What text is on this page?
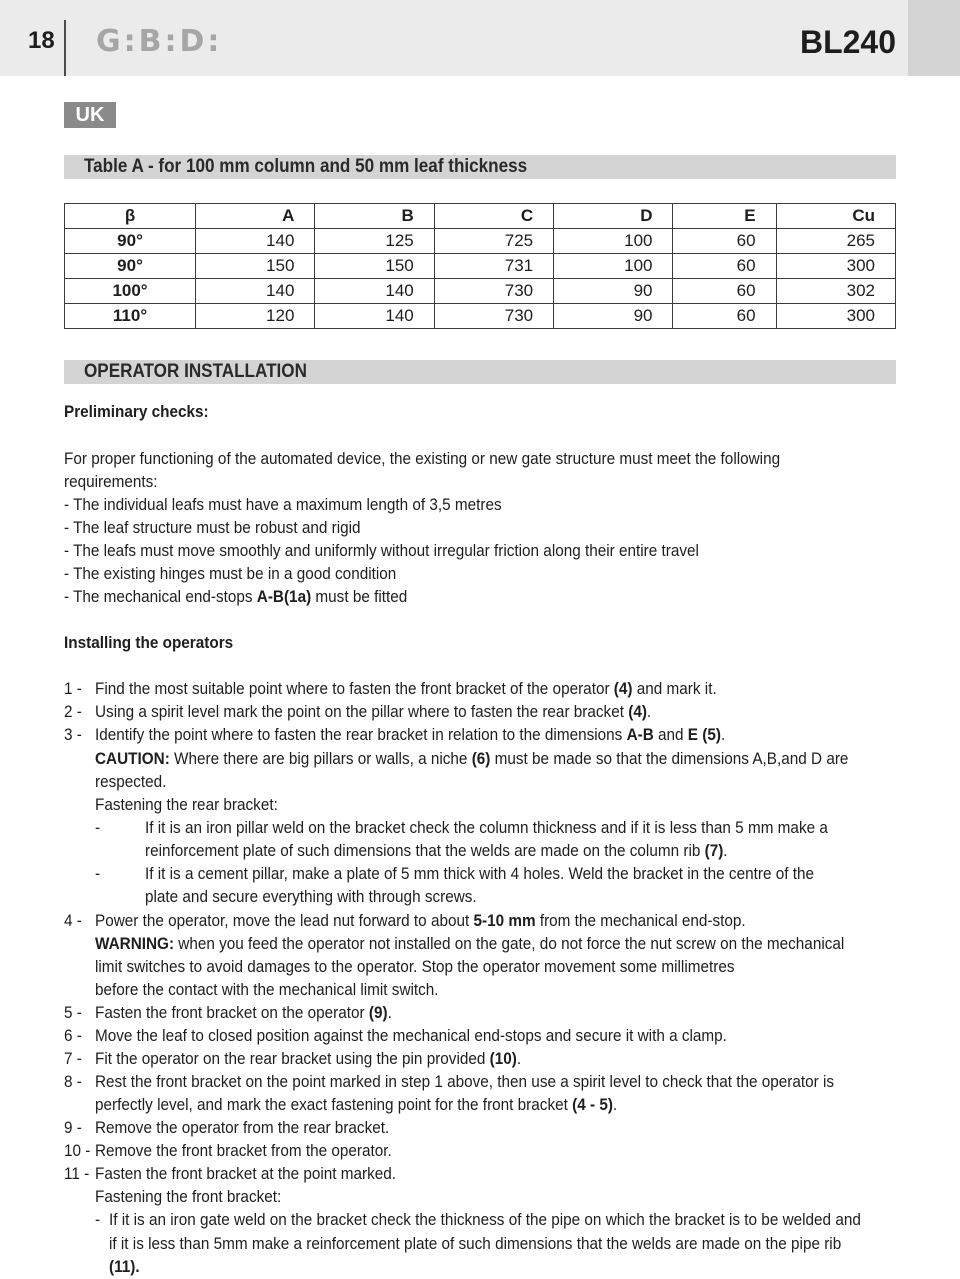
18 G:B:D:	BL240
UK
Table A - for 100 mm column and 50 mm leaf thickness
β	A	B	C	D	E	Cu
90°	140	125	725	100	60	265
90°	150	150	731	100	60	300
100°	140	140	730	90	60	302
110°	120	140	730	90	60	300
OPERATOR INSTALLATION
Preliminary checks:
For proper functioning of the automated device, the existing or new gate structure must meet the following
requirements:
- The individual leafs must have a maximum length of 3,5 metres
- The leaf structure must be robust and rigid
- The leafs must move smoothly and uniformly without irregular friction along their entire travel
- The existing hinges must be in a good condition
- The mechanical end-stops A-B(1a) must be fitted
Installing the operators
1 - Find the most suitable point where to fasten the front bracket of the operator (4) and mark it.
2 - Using a spirit level mark the point on the pillar where to fasten the rear bracket (4).
3 - Identify the point where to fasten the rear bracket in relation to the dimensions A-B and E (5).
CAUTION: Where there are big pillars or walls, a niche (6) must be made so that the dimensions A,B,and D are
respected.
Fastening the rear bracket:
-	If it is an iron pillar weld on the bracket check the column thickness and if it is less than 5 mm make a
reinforcement plate of such dimensions that the welds are made on the column rib (7).
-	If it is a cement pillar, make a plate of 5 mm thick with 4 holes. Weld the bracket in the centre of the
plate and secure everything with through screws.
4 - Power the operator, move the lead nut forward to about 5-10 mm from the mechanical end-stop.
WARNING: when you feed the operator not installed on the gate, do not force the nut screw on the mechanical
limit switches to avoid damages to the operator. Stop the operator movement some millimetres
before the contact with the mechanical limit switch.
5 - Fasten the front bracket on the operator (9).
6 - Move the leaf to closed position against the mechanical end-stops and secure it with a clamp.
7 - Fit the operator on the rear bracket using the pin provided (10).
8 - Rest the front bracket on the point marked in step 1 above, then use a spirit level to check that the operator is
perfectly level, and mark the exact fastening point for the front bracket (4 - 5).
9 - Remove the operator from the rear bracket.
10 - Remove the front bracket from the operator.
11 - Fasten the front bracket at the point marked.
Fastening the front bracket:
- If it is an iron gate weld on the bracket check the thickness of the pipe on which the bracket is to be welded and
if it is less than 5mm make a reinforcement plate of such dimensions that the welds are made on the pipe rib
(11).
